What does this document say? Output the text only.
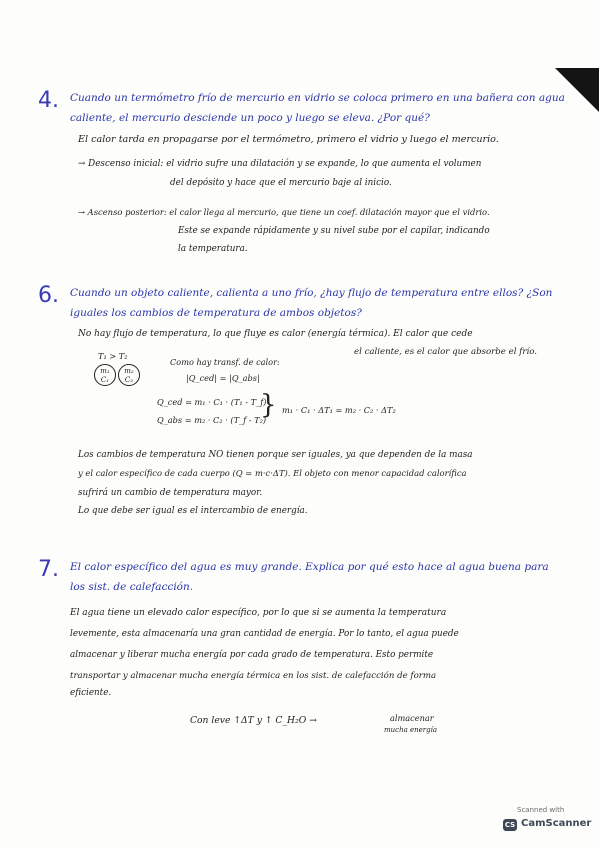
4. Cuando un termómetro frío de mercurio en vidrio se coloca primero en una bañera con agua caliente, el mercurio desciende un poco y luego se eleva. ¿Por qué?
El calor tarda en propagarse por el termómetro, primero el vidrio y luego el mercurio.
→ Descenso inicial: el vidrio sufre una dilatación y se expande, lo que aumenta el volumen
del depósito y hace que el mercurio baje al inicio.
→ Ascenso posterior: el calor llega al mercurio, que tiene un coef. dilatación mayor que el vidrio.
Este se expande rápidamente y su nivel sube por el capilar, indicando
la temperatura.
6. Cuando un objeto caliente, calienta a uno frío, ¿hay flujo de temperatura entre ellos? ¿Son iguales los cambios de temperatura de ambos objetos?
No hay flujo de temperatura, lo que fluye es calor (energía térmica). El calor que cede
el caliente, es el calor que absorbe el frío.
T₁ > T₂
m₁
C₁
m₂
C₂
Como hay transf. de calor:
|Q_ced| = |Q_abs|
Q_ced = m₁ · C₁ · (T₁ - T_f)
Q_abs = m₂ · C₂ · (T_f - T₂)
} m₁ · C₁ · ΔT₁ = m₂ · C₂ · ΔT₂
Los cambios de temperatura NO tienen porque ser iguales, ya que dependen de la masa
y el calor específico de cada cuerpo (Q = m·c·ΔT). El objeto con menor capacidad calorífica
sufrirá un cambio de temperatura mayor.
Lo que debe ser igual es el intercambio de energía.
7. El calor específico del agua es muy grande. Explica por qué esto hace al agua buena para los sist. de calefacción.
El agua tiene un elevado calor específico, por lo que si se aumenta la temperatura
levemente, esta almacenaría una gran cantidad de energía. Por lo tanto, el agua puede
almacenar y liberar mucha energía por cada grado de temperatura. Esto permite
transportar y almacenar mucha energía térmica en los sist. de calefacción de forma
eficiente.
Con leve ↑ΔT y ↑ C_H₂O →	almacenar
mucha energía
Scanned with
CS CamScanner
